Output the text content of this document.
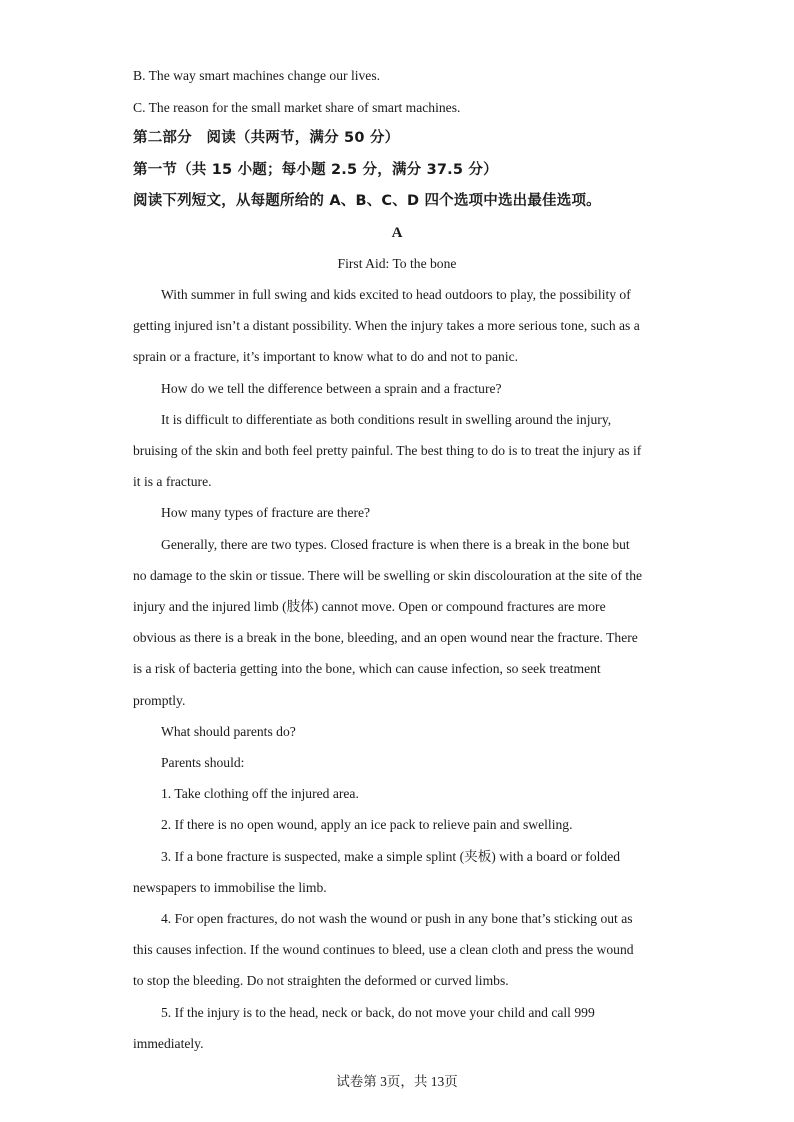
B. The way smart machines change our lives.

C. The reason for the small market share of smart machines.

第二部分　阅读（共两节，满分 50 分）

第一节（共 15 小题；每小题 2.5 分，满分 37.5 分）

阅读下列短文，从每题所给的 A、B、C、D 四个选项中选出最佳选项。

A

First Aid: To the bone

With summer in full swing and kids excited to head outdoors to play, the possibility of

getting injured isn’t a distant possibility. When the injury takes a more serious tone, such as a

sprain or a fracture, it’s important to know what to do and not to panic.

How do we tell the difference between a sprain and a fracture?

It is difficult to differentiate as both conditions result in swelling around the injury,

bruising of the skin and both feel pretty painful. The best thing to do is to treat the injury as if

it is a fracture.

How many types of fracture are there?

Generally, there are two types. Closed fracture is when there is a break in the bone but

no damage to the skin or tissue. There will be swelling or skin discolouration at the site of the

injury and the injured limb (肢体) cannot move. Open or compound fractures are more

obvious as there is a break in the bone, bleeding, and an open wound near the fracture. There

is a risk of bacteria getting into the bone, which can cause infection, so seek treatment

promptly.

What should parents do?

Parents should:

1. Take clothing off the injured area.

2. If there is no open wound, apply an ice pack to relieve pain and swelling.

3. If a bone fracture is suspected, make a simple splint (夹板) with a board or folded

newspapers to immobilise the limb.

4. For open fractures, do not wash the wound or push in any bone that’s sticking out as

this causes infection. If the wound continues to bleed, use a clean cloth and press the wound

to stop the bleeding. Do not straighten the deformed or curved limbs.

5. If the injury is to the head, neck or back, do not move your child and call 999

immediately.

试卷第 3页，共 13页
